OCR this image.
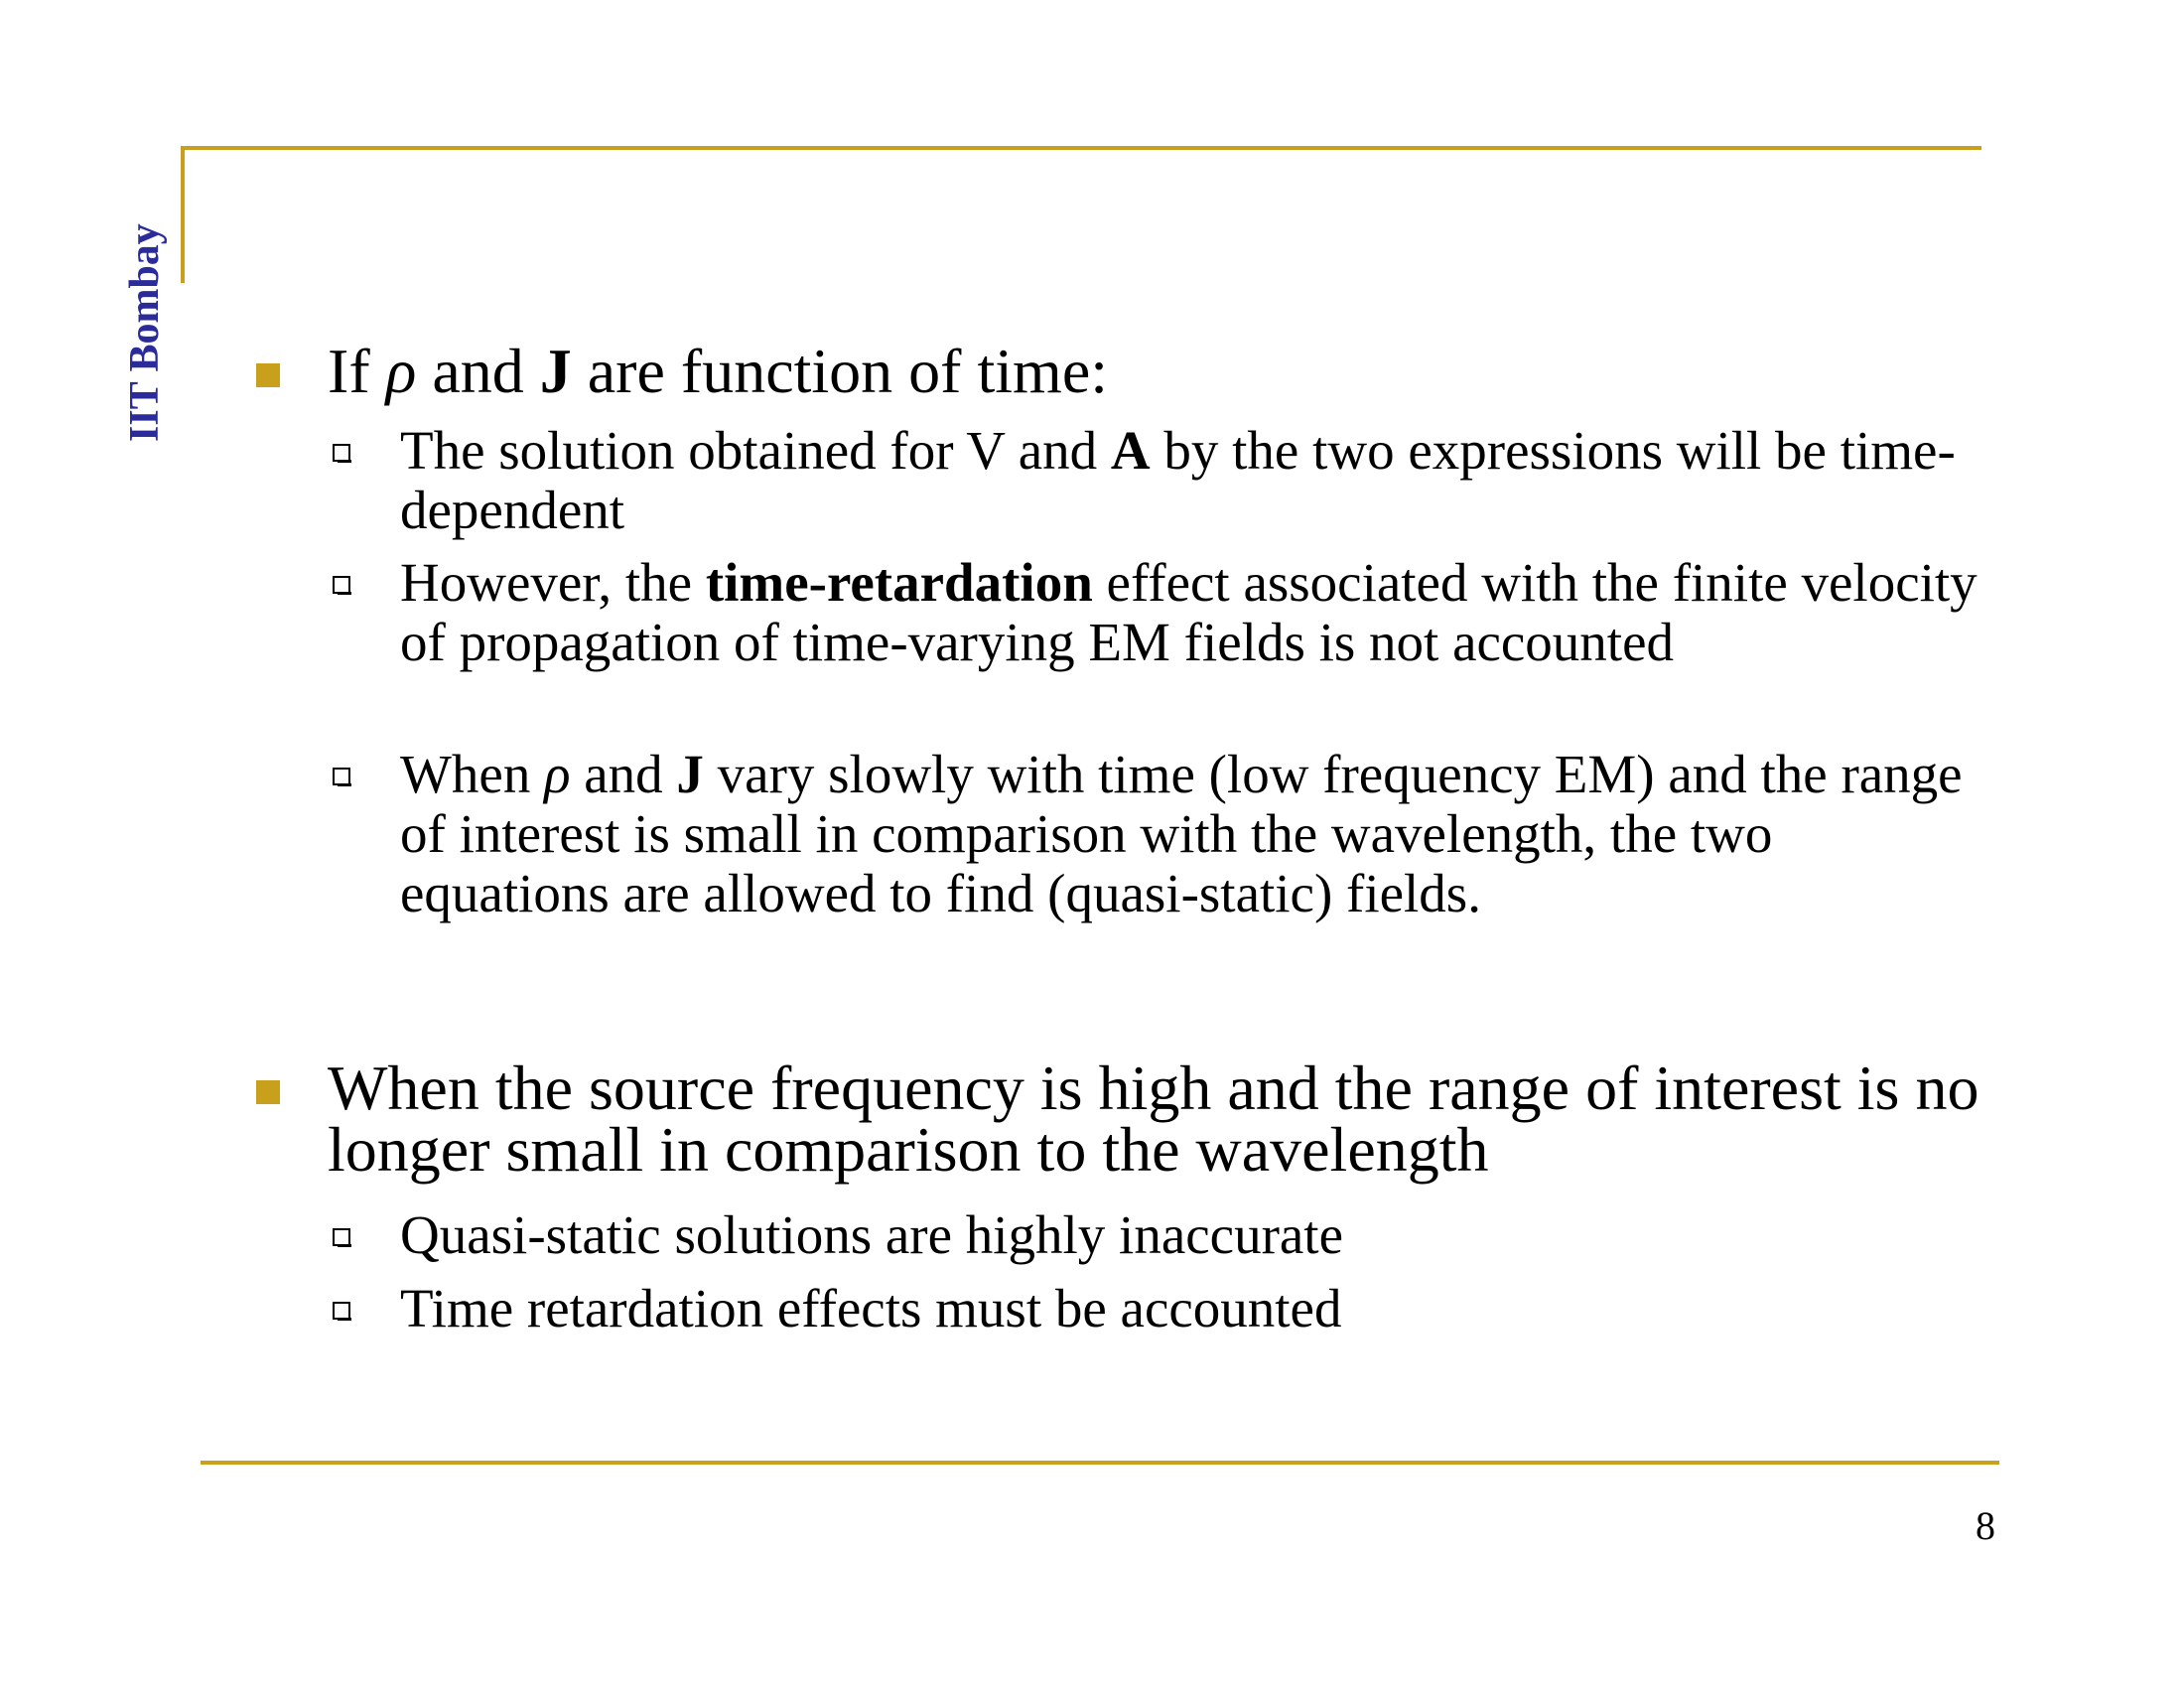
IIT Bombay	If ρ and J are function of time:
The solution obtained for V and A by the two expressions will be time-dependent
However, the time-retardation effect associated with the finite velocity of propagation of time-varying EM fields is not accounted
When ρ and J vary slowly with time (low frequency EM) and the range of interest is small in comparison with the wavelength, the two equations are allowed to find (quasi-static) fields.
When the source frequency is high and the range of interest is no longer small in comparison to the wavelength
Quasi-static solutions are highly inaccurate
Time retardation effects must be accounted
8
